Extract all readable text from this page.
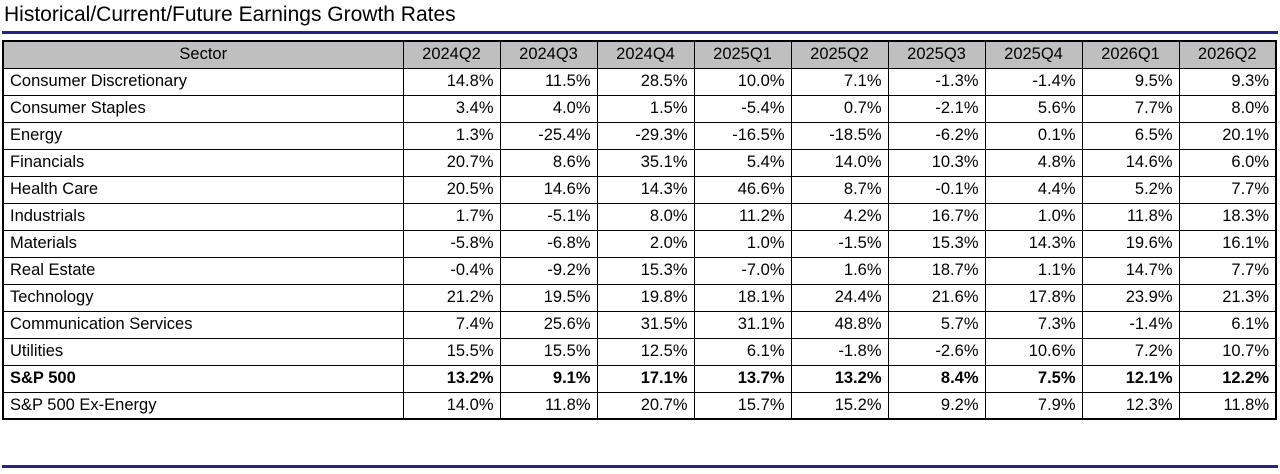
Historical/Current/Future Earnings Growth Rates
Sector	2024Q2	2024Q3	2024Q4	2025Q1	2025Q2	2025Q3	2025Q4	2026Q1	2026Q2
Consumer Discretionary	14.8%	11.5%	28.5%	10.0%	7.1%	-1.3%	-1.4%	9.5%	9.3%
Consumer Staples	3.4%	4.0%	1.5%	-5.4%	0.7%	-2.1%	5.6%	7.7%	8.0%
Energy	1.3%	-25.4%	-29.3%	-16.5%	-18.5%	-6.2%	0.1%	6.5%	20.1%
Financials	20.7%	8.6%	35.1%	5.4%	14.0%	10.3%	4.8%	14.6%	6.0%
Health Care	20.5%	14.6%	14.3%	46.6%	8.7%	-0.1%	4.4%	5.2%	7.7%
Industrials	1.7%	-5.1%	8.0%	11.2%	4.2%	16.7%	1.0%	11.8%	18.3%
Materials	-5.8%	-6.8%	2.0%	1.0%	-1.5%	15.3%	14.3%	19.6%	16.1%
Real Estate	-0.4%	-9.2%	15.3%	-7.0%	1.6%	18.7%	1.1%	14.7%	7.7%
Technology	21.2%	19.5%	19.8%	18.1%	24.4%	21.6%	17.8%	23.9%	21.3%
Communication Services	7.4%	25.6%	31.5%	31.1%	48.8%	5.7%	7.3%	-1.4%	6.1%
Utilities	15.5%	15.5%	12.5%	6.1%	-1.8%	-2.6%	10.6%	7.2%	10.7%
S&P 500	13.2%	9.1%	17.1%	13.7%	13.2%	8.4%	7.5%	12.1%	12.2%
S&P 500 Ex-Energy	14.0%	11.8%	20.7%	15.7%	15.2%	9.2%	7.9%	12.3%	11.8%
